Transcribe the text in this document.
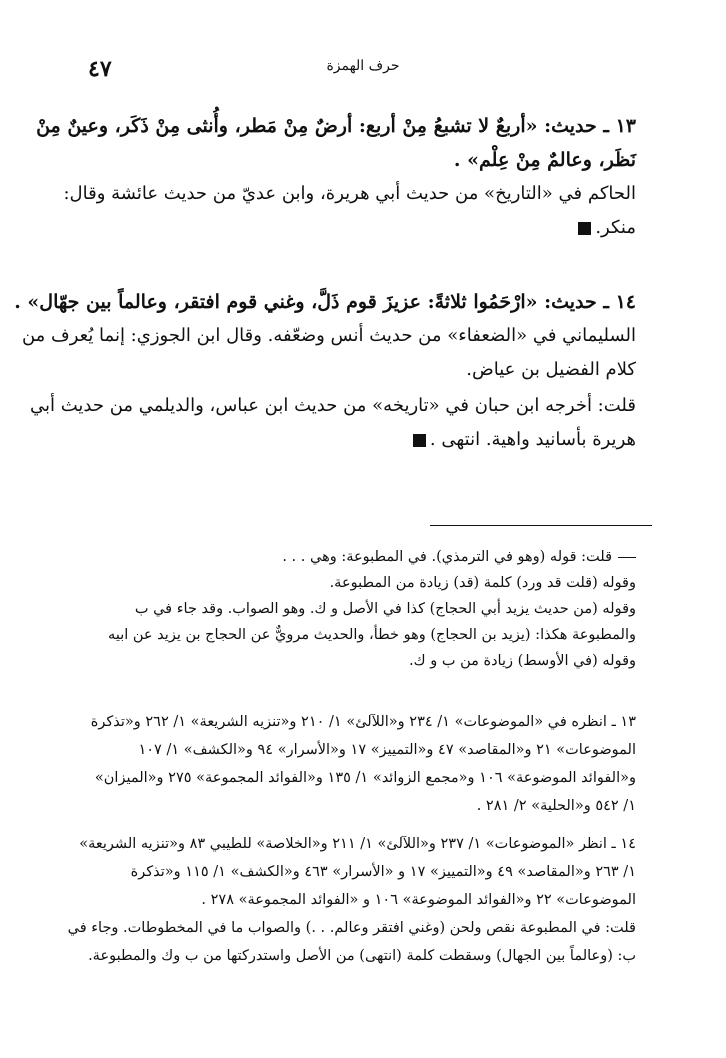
حرف الهمزة
٤٧
١٣ ـ حديث: «أربعٌ لا تشبعُ مِنْ أربع: أرضٌ مِنْ مَطر، وأُنثى مِنْ ذَكَر، وعينٌ مِنْ
نَظَر، وعالمٌ مِنْ عِلْم» .
الحاكم في «التاريخ» من حديث أبي هريرة، وابن عديّ من حديث عائشة وقال:
منكر.
١٤ ـ حديث: «ارْحَمُوا ثلاثةً: عزيزَ قوم ذَلَّ، وغني قوم افتقر، وعالماً بين جهّال» .
السليماني في «الضعفاء» من حديث أنس وضعّفه. وقال ابن الجوزي: إنما يُعرف من
كلام الفضيل بن عياض.
قلت: أخرجه ابن حبان في «تاريخه» من حديث ابن عباس، والديلمي من حديث أبي
هريرة بأسانيد واهية. انتهى .
قلت: قوله (وهو في الترمذي). في المطبوعة: وهي . . .
وقوله (قلت قد ورد) كلمة (قد) زيادة من المطبوعة.
وقوله (من حديث يزيد أبي الحجاج) كذا في الأصل و ك. وهو الصواب. وقد جاء في ب
والمطبوعة هكذا: (يزيد بن الحجاج) وهو خطأ، والحديث مرويٌّ عن الحجاج بن يزيد عن ابيه
وقوله (في الأوسط) زيادة من ب و ك.
١٣ ـ انظره في «الموضوعات» ١/ ٢٣٤ و«اللآلئ» ١/ ٢١٠ و«تنزيه الشريعة» ١/ ٢٦٢ و«تذكرة
الموضوعات» ٢١ و«المقاصد» ٤٧ و«التمييز» ١٧ و«الأسرار» ٩٤ و«الكشف» ١/ ١٠٧
و«الفوائد الموضوعة» ١٠٦ و«مجمع الزوائد» ١/ ١٣٥ و«الفوائد المجموعة» ٢٧٥ و«الميزان»
١/ ٥٤٢ و«الحلية» ٢/ ٢٨١ .
١٤ ـ انظر «الموضوعات» ١/ ٢٣٧ و«اللآلئ» ١/ ٢١١ و«الخلاصة» للطيبي ٨٣ و«تنزيه الشريعة»
١/ ٢٦٣ و«المقاصد» ٤٩ و«التمييز» ١٧ و «الأسرار» ٤٦٣ و«الكشف» ١/ ١١٥ و«تذكرة
الموضوعات» ٢٢ و«الفوائد الموضوعة» ١٠٦ و «الفوائد المجموعة» ٢٧٨ .
قلت: في المطبوعة نقص ولحن (وغني افتقر وعالم. . .) والصواب ما في المخطوطات. وجاء في
ب: (وعالماً بين الجهال) وسقطت كلمة (انتهى) من الأصل واستدركتها من ب وك والمطبوعة.
